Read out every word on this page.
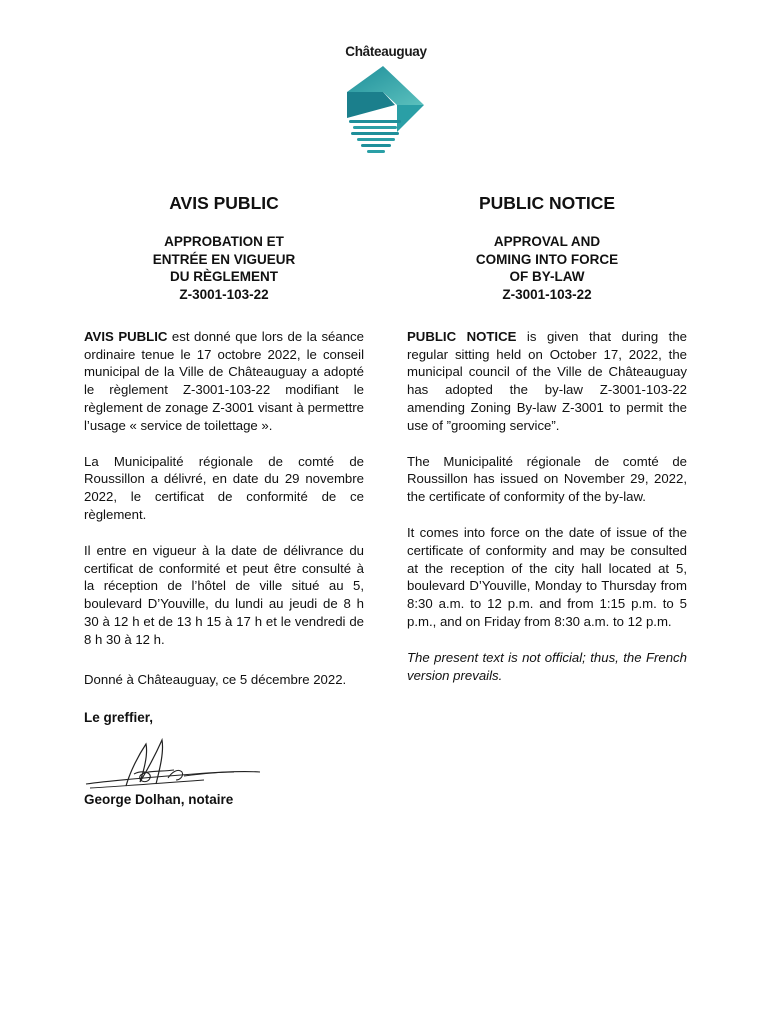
Châteauguay
AVIS PUBLIC
APPROBATION ET
ENTRÉE EN VIGUEUR
DU RÈGLEMENT
Z-3001-103-22

AVIS PUBLIC est donné que lors de la séance ordinaire tenue le 17 octobre 2022, le conseil municipal de la Ville de Châteauguay a adopté le règlement Z-3001-103-22 modifiant le règlement de zonage Z-3001 visant à permettre l’usage « service de toilettage ».

La Municipalité régionale de comté de Roussillon a délivré, en date du 29 novembre 2022, le certificat de conformité de ce règlement.

Il entre en vigueur à la date de délivrance du certificat de conformité et peut être consulté à la réception de l’hôtel de ville situé au 5, boulevard D’Youville, du lundi au jeudi de 8 h 30 à 12 h et de 13 h 15 à 17 h et le vendredi de 8 h 30 à 12 h.

Donné à Châteauguay, ce 5 décembre 2022.

PUBLIC NOTICE
APPROVAL AND
COMING INTO FORCE
OF BY-LAW
Z-3001-103-22

PUBLIC NOTICE is given that during the regular sitting held on October 17, 2022, the municipal council of the Ville de Châteauguay has adopted the by-law Z-3001-103-22 amending Zoning By-law Z-3001 to permit the use of ”grooming service”.

The Municipalité régionale de comté de Roussillon has issued on November 29, 2022, the certificate of conformity of the by-law.

It comes into force on the date of issue of the certificate of conformity and may be consulted at the reception of the city hall located at 5, boulevard D’Youville, Monday to Thursday from 8:30 a.m. to 12 p.m. and from 1:15 p.m. to 5 p.m., and on Friday from 8:30 a.m. to 12 p.m.

The present text is not official; thus, the French version prevails.

Le greffier,

George Dolhan, notaire
